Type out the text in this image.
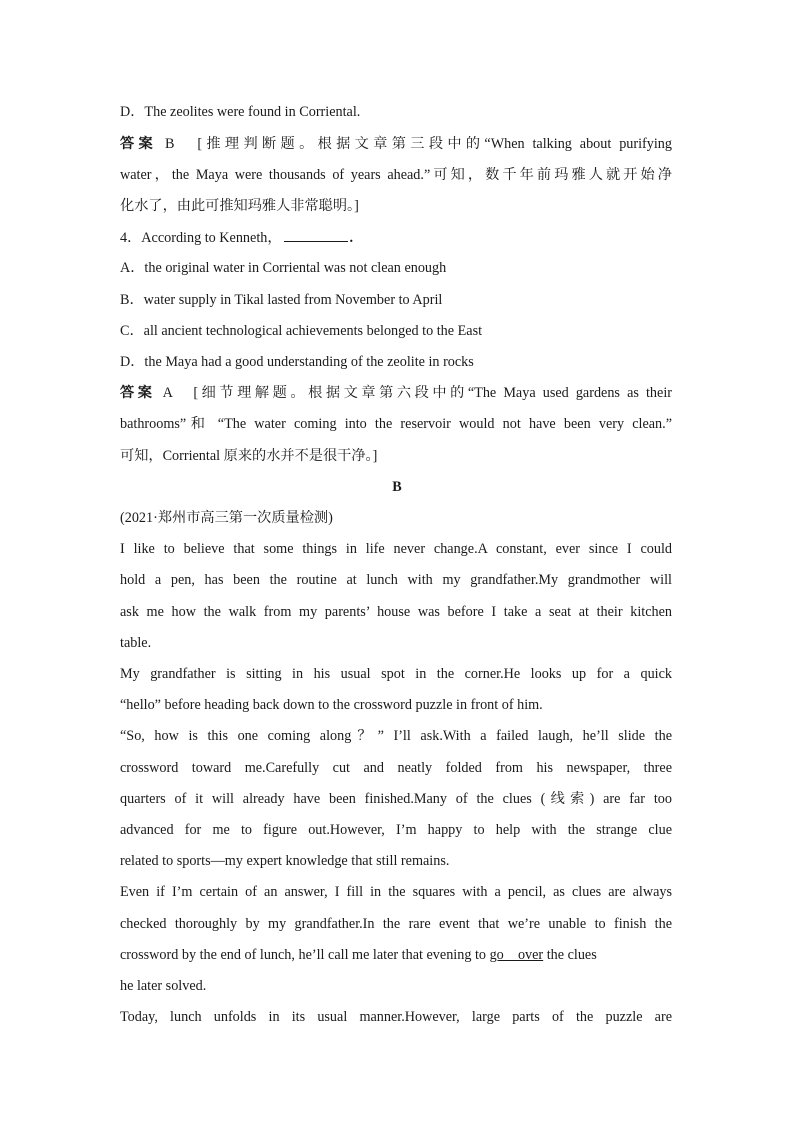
D．The zeolites were found in Corriental.
答案 B　[推理判断题。根据文章第三段中的“When talking about purifying
water，the Maya were thousands of years ahead.”可知，数千年前玛雅人就开始净
化水了，由此可推知玛雅人非常聪明。]
4．According to Kenneth，	.
A．the original water in Corriental was not clean enough
B．water supply in Tikal lasted from November to April
C．all ancient technological achievements belonged to the East
D．the Maya had a good understanding of the zeolite in rocks
答案 A　[细节理解题。根据文章第六段中的“The Maya used gardens as their
bathrooms”和 “The water coming into the reservoir would not have been very clean.”
可知，Corriental 原来的水并不是很干净。]
B
(2021·郑州市高三第一次质量检测)
I like to believe that some things in life never change.A constant, ever since I could
hold a pen, has been the routine at lunch with my grandfather.My grandmother will
ask me how the walk from my parents’ house was before I take a seat at their kitchen
table.
My grandfather is sitting in his usual spot in the corner.He looks up for a quick
“hello” before heading back down to the crossword puzzle in front of him.
“So, how is this one coming along？” I’ll ask.With a failed laugh, he’ll slide the
crossword toward me.Carefully cut and neatly folded from his newspaper, three
quarters of it will already have been finished.Many of the clues (线索) are far too
advanced for me to figure out.However, I’m happy to help with the strange clue
related to sports—my expert knowledge that still remains.
Even if I’m certain of an answer, I fill in the squares with a pencil, as clues are always
checked thoroughly by my grandfather.In the rare event that we’re unable to finish the
crossword by the end of lunch, he’ll call me later that evening to go    over the clues
he later solved.
Today, lunch unfolds in its usual manner.However, large parts of the puzzle are
